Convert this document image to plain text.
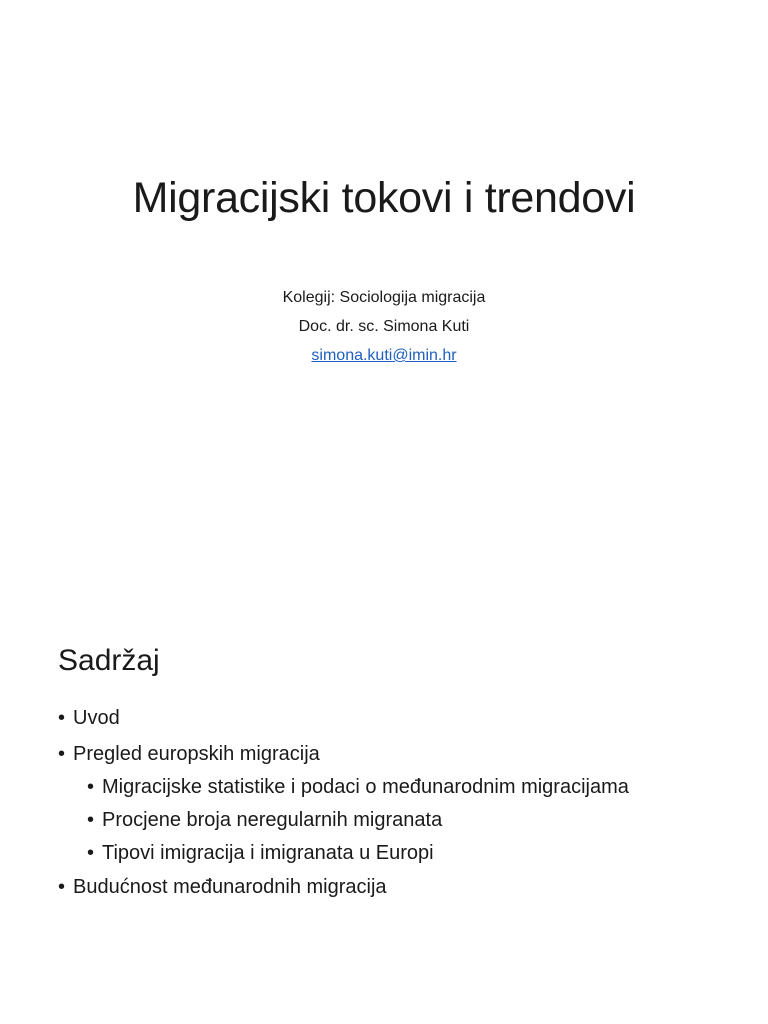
Migracijski tokovi i trendovi
Kolegij: Sociologija migracija
Doc. dr. sc. Simona Kuti
simona.kuti@imin.hr
Sadržaj
• Uvod
• Pregled europskih migracija
• Migracijske statistike i podaci o međunarodnim migracijama
• Procjene broja neregularnih migranata
• Tipovi imigracija i imigranata u Europi
• Budućnost međunarodnih migracija
